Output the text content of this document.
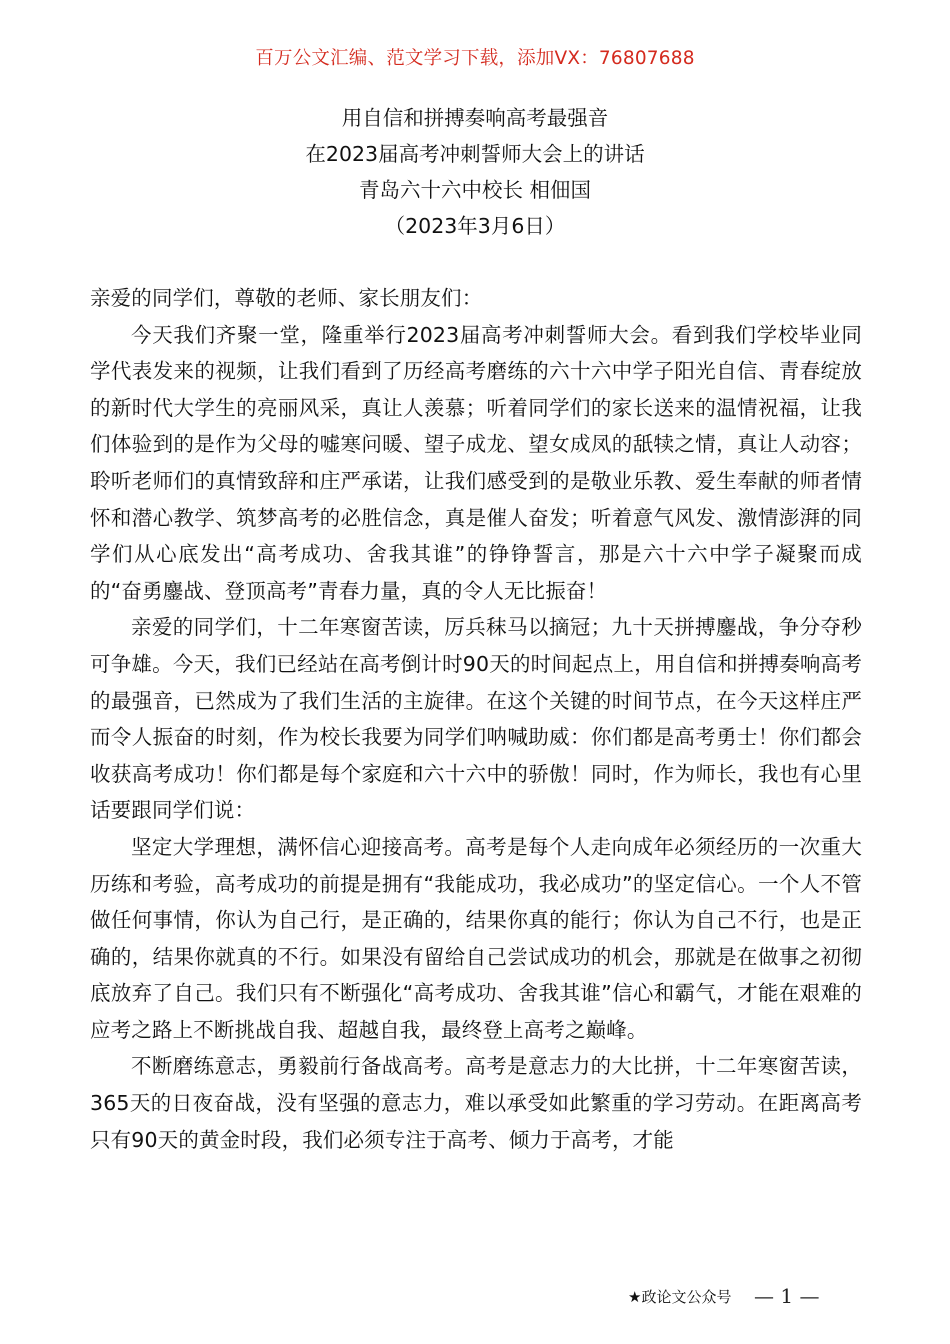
百万公文汇编、范文学习下载，添加VX：76807688
用自信和拼搏奏响高考最强音
在2023届高考冲刺誓师大会上的讲话
青岛六十六中校长 相佃国
（2023年3月6日）

亲爱的同学们，尊敬的老师、家长朋友们：

今天我们齐聚一堂，隆重举行2023届高考冲刺誓师大会。看到我们学校毕业同学代表发来的视频，让我们看到了历经高考磨练的六十六中学子阳光自信、青春绽放的新时代大学生的亮丽风采，真让人羡慕；听着同学们的家长送来的温情祝福，让我们体验到的是作为父母的嘘寒问暖、望子成龙、望女成凤的舐犊之情，真让人动容；聆听老师们的真情致辞和庄严承诺，让我们感受到的是敬业乐教、爱生奉献的师者情怀和潜心教学、筑梦高考的必胜信念，真是催人奋发；听着意气风发、激情澎湃的同学们从心底发出“高考成功、舍我其谁”的铮铮誓言，那是六十六中学子凝聚而成的“奋勇鏖战、登顶高考”青春力量，真的令人无比振奋！

亲爱的同学们，十二年寒窗苦读，厉兵秣马以摘冠；九十天拼搏鏖战，争分夺秒可争雄。今天，我们已经站在高考倒计时90天的时间起点上，用自信和拼搏奏响高考的最强音，已然成为了我们生活的主旋律。在这个关键的时间节点，在今天这样庄严而令人振奋的时刻，作为校长我要为同学们呐喊助威：你们都是高考勇士！你们都会收获高考成功！你们都是每个家庭和六十六中的骄傲！同时，作为师长，我也有心里话要跟同学们说：

坚定大学理想，满怀信心迎接高考。高考是每个人走向成年必须经历的一次重大历练和考验，高考成功的前提是拥有“我能成功，我必成功”的坚定信心。一个人不管做任何事情，你认为自己行，是正确的，结果你真的能行；你认为自己不行，也是正确的，结果你就真的不行。如果没有留给自己尝试成功的机会，那就是在做事之初彻底放弃了自己。我们只有不断强化“高考成功、舍我其谁”信心和霸气，才能在艰难的应考之路上不断挑战自我、超越自我，最终登上高考之巅峰。

不断磨练意志，勇毅前行备战高考。高考是意志力的大比拼，十二年寒窗苦读，365天的日夜奋战，没有坚强的意志力，难以承受如此繁重的学习劳动。在距离高考只有90天的黄金时段，我们必须专注于高考、倾力于高考，才能

★政论文公众号 — 1 —
